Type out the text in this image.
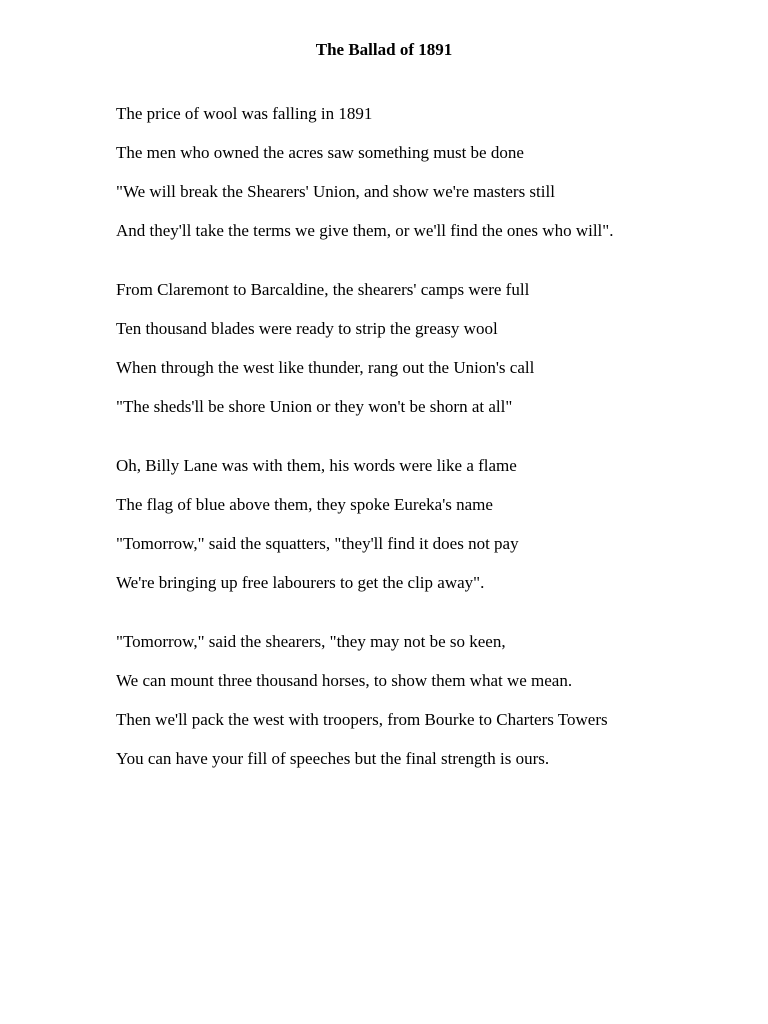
The Ballad of 1891
The price of wool was falling in 1891
The men who owned the acres saw something must be done
"We will break the Shearers' Union, and show we're masters still
And they'll take the terms we give them, or we'll find the ones who will".
From Claremont to Barcaldine, the shearers' camps were full
Ten thousand blades were ready to strip the greasy wool
When through the west like thunder, rang out the Union's call
"The sheds'll be shore Union or they won't be shorn at all"
Oh, Billy Lane was with them, his words were like a flame
The flag of blue above them, they spoke Eureka's name
"Tomorrow," said the squatters, "they'll find it does not pay
We're bringing up free labourers to get the clip away".
"Tomorrow," said the shearers, "they may not be so keen,
We can mount three thousand horses, to show them what we mean.
Then we'll pack the west with troopers, from Bourke to Charters Towers
You can have your fill of speeches but the final strength is ours.
